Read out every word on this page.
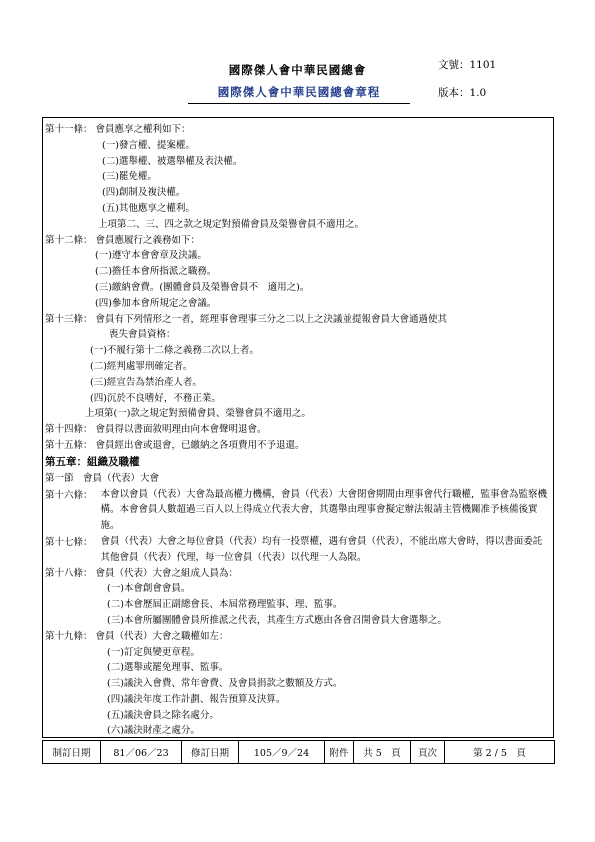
國際傑人會中華民國總會
國際傑人會中華民國總會章程
文號：1101
版本：1.0
第十一條： 會員應享之權利如下：
(一)發言權、提案權。
(二)選舉權、被選舉權及表決權。
(三)罷免權。
(四)創制及複決權。
(五)其他應享之權利。
上項第二、三、四之款之規定對預備會員及榮譽會員不適用之。
第十二條： 會員應履行之義務如下：
(一)遵守本會會章及決議。
(二)擔任本會所指派之職務。
(三)繳納會費。(團體會員及榮譽會員不　適用之)。
(四)參加本會所規定之會議。
第十三條： 會員有下列情形之一者，經理事會理事三分之二以上之決議並提報會員大會通過使其
喪失會員資格：
(一)不履行第十二條之義務二次以上者。
(二)經判處罪刑確定者。
(三)經宣告為禁治產人者。
(四)沉於不良嗜好，不務正業。
上項第(一)款之規定對預備會員、榮譽會員不適用之。
第十四條： 會員得以書面敘明理由向本會聲明退會。
第十五條： 會員經出會或退會，已繳納之各項費用不予退還。
第五章：組織及職權
第一節　會員（代表）大會
第十六條： 本會以會員（代表）大會為最高權力機構，會員（代表）大會閉會期間由理事會代行職權，監事會為監察機構。本會會員人數超過三百人以上得成立代表大會，其選舉由理事會擬定辦法報請主管機關准予核備後實施。
第十七條： 會員（代表）大會之每位會員（代表）均有一投票權，遇有會員（代表），不能出席大會時，得以書面委託其他會員（代表）代理，每一位會員（代表）以代理一人為限。
第十八條： 會員（代表）大會之組成人員為：
(一)本會創會會員。
(二)本會歷屆正副總會長、本屆常務理監事、理、監事。
(三)本會所屬團體會員所推派之代表，其產生方式應由各會召開會員大會選舉之。
第十九條： 會員（代表）大會之職權如左：
(一)訂定與變更章程。
(二)選舉或罷免理事、監事。
(三)議決入會費、常年會費、及會員捐款之數額及方式。
(四)議決年度工作計劃、報告預算及決算。
(五)議決會員之除名處分。
(六)議決財產之處分。
制訂日期	81／06／23	修訂日期	105／9／24	附件	共 5　頁	頁次	第 2 / 5　頁
